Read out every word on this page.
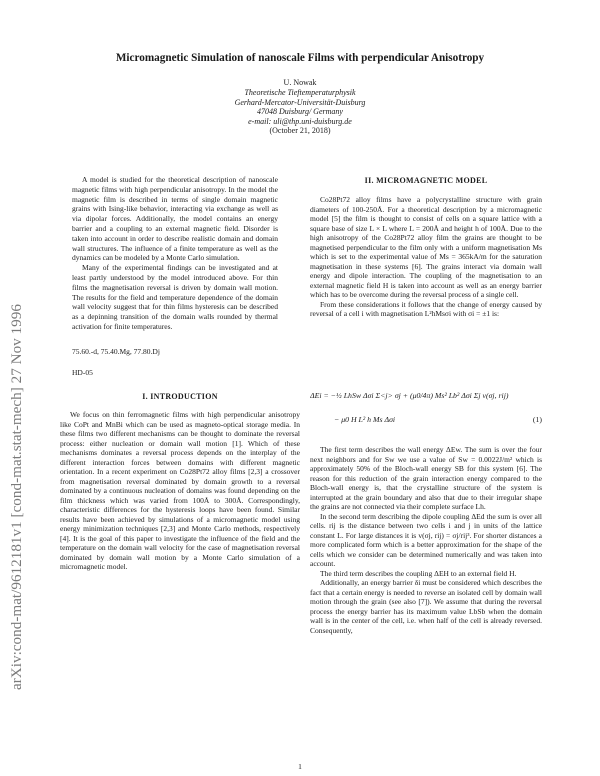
arXiv:cond-mat/9612181v1 [cond-mat.stat-mech] 27 Nov 1996
Micromagnetic Simulation of nanoscale Films with perpendicular Anisotropy
U. Nowak
Theoretische Tieftemperaturphysik
Gerhard-Mercator-Universität-Duisburg
47048 Duisburg/ Germany
e-mail: uli@thp.uni-duisburg.de
(October 21, 2018)

A model is studied for the theoretical description of nanoscale magnetic films with high perpendicular anisotropy. In the model the magnetic film is described in terms of single domain magnetic grains with Ising-like behavior, interacting via exchange as well as via dipolar forces. Additionally, the model contains an energy barrier and a coupling to an external magnetic field. Disorder is taken into account in order to describe realistic domain and domain wall structures. The influence of a finite temperature as well as the dynamics can be modeled by a Monte Carlo simulation.

Many of the experimental findings can be investigated and at least partly understood by the model introduced above. For thin films the magnetisation reversal is driven by domain wall motion. The results for the field and temperature dependence of the domain wall velocity suggest that for thin films hysteresis can be described as a depinning transition of the domain walls rounded by thermal activation for finite temperatures.

75.60.-d, 75.40.Mg, 77.80.Dj
HD-05
I. INTRODUCTION

We focus on thin ferromagnetic films with high perpendicular anisotropy like CoPt and MnBi which can be used as magneto-optical storage media. In these films two different mechanisms can be thought to dominate the reversal process: either nucleation or domain wall motion [1]. Which of these mechanisms dominates a reversal process depends on the interplay of the different interaction forces between domains with different magnetic orientation. In a recent experiment on Co28Pt72 alloy films [2,3] a crossover from magnetisation reversal dominated by domain growth to a reversal dominated by a continuous nucleation of domains was found depending on the film thickness which was varied from 100Å to 300Å. Correspondingly, characteristic differences for the hysteresis loops have been found. Similar results have been achieved by simulations of a micromagnetic model using energy minimization techniques [2,3] and Monte Carlo methods, respectively [4]. It is the goal of this paper to investigate the influence of the field and the temperature on the domain wall velocity for the case of magnetisation reversal dominated by domain wall motion by a Monte Carlo simulation of a micromagnetic model.

II. MICROMAGNETIC MODEL

Co28Pt72 alloy films have a polycrystalline structure with grain diameters of 100-250Å. For a theoretical description by a micromagnetic model [5] the film is thought to consist of cells on a square lattice with a square base of size L × L where L = 200Å and height h of 100Å. Due to the high anisotropy of the Co28Pt72 alloy film the grains are thought to be magnetised perpendicular to the film only with a uniform magnetisation Ms which is set to the experimental value of Ms = 365kA/m for the saturation magnetisation in these systems [6]. The grains interact via domain wall energy and dipole interaction. The coupling of the magnetisation to an external magnetic field H is taken into account as well as an energy barrier which has to be overcome during the reversal process of a single cell.

From these considerations it follows that the change of energy caused by reversal of a cell i with magnetisation L²hMsσi with σi = ±1 is:

ΔEi = −½ LhSw Δσi Σ<j> σj + (μ0/4π) Ms² Lb² Δσi Σj v(σj, rij)
− μ0 H L² h Ms Δσi	(1)

The first term describes the wall energy ΔEw. The sum is over the four next neighbors and for Sw we use a value of Sw = 0.0022J/m² which is approximately 50% of the Bloch-wall energy SB for this system [6]. The reason for this reduction of the grain interaction energy compared to the Bloch-wall energy is, that the crystalline structure of the system is interrupted at the grain boundary and also that due to their irregular shape the grains are not connected via their complete surface Lh.

In the second term describing the dipole coupling ΔEd the sum is over all cells. rij is the distance between two cells i and j in units of the lattice constant L. For large distances it is v(σj, rij) = σj/rij³. For shorter distances a more complicated form which is a better approximation for the shape of the cells which we consider can be determined numerically and was taken into account.

The third term describes the coupling ΔEH to an external field H.

Additionally, an energy barrier δi must be considered which describes the fact that a certain energy is needed to reverse an isolated cell by domain wall motion through the grain (see also [7]). We assume that during the reversal process the energy barrier has its maximum value LbSb when the domain wall is in the center of the cell, i.e. when half of the cell is already reversed. Consequently,

1
